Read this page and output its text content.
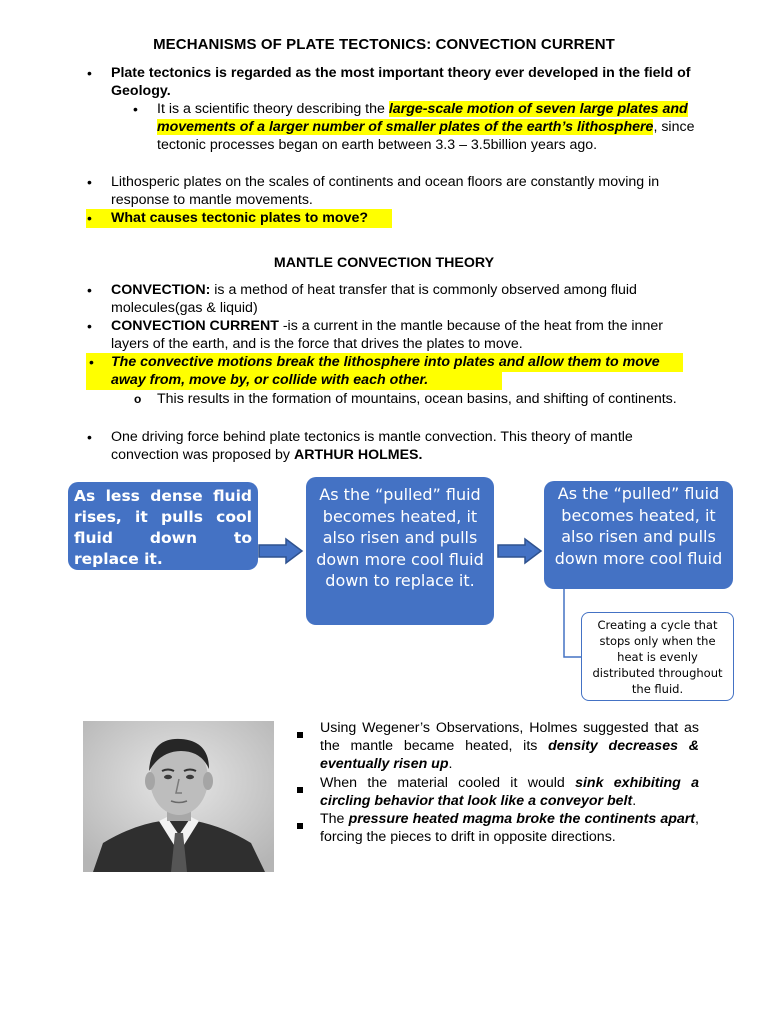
MECHANISMS OF PLATE TECTONICS: CONVECTION CURRENT
• Plate tectonics is regarded as the most important theory ever developed in the field of Geology.
• It is a scientific theory describing the large-scale motion of seven large plates and movements of a larger number of smaller plates of the earth’s lithosphere, since tectonic processes began on earth between 3.3 – 3.5billion years ago.
• Lithosperic plates on the scales of continents and ocean floors are constantly moving in response to mantle movements.
• What causes tectonic plates to move?
MANTLE CONVECTION THEORY
• CONVECTION: is a method of heat transfer that is commonly observed among fluid molecules(gas & liquid)
• CONVECTION CURRENT -is a current in the mantle because of the heat from the inner layers of the earth, and is the force that drives the plates to move.
• The convective motions break the lithosphere into plates and allow them to move away from, move by, or collide with each other.
o This results in the formation of mountains, ocean basins, and shifting of continents.
• One driving force behind plate tectonics is mantle convection. This theory of mantle convection was proposed by ARTHUR HOLMES.
As less dense fluid rises, it pulls cool fluid down to replace it.
As the “pulled” fluid becomes heated, it also risen and pulls down more cool fluid down to replace it.
As the “pulled” fluid becomes heated, it also risen and pulls down more cool fluid
Creating a cycle that stops only when the heat is evenly distributed throughout the fluid.
Using Wegener’s Observations, Holmes suggested that as the mantle became heated, its density decreases & eventually risen up.
When the material cooled it would sink exhibiting a circling behavior that look like a conveyor belt.
The pressure heated magma broke the continents apart, forcing the pieces to drift in opposite directions.
